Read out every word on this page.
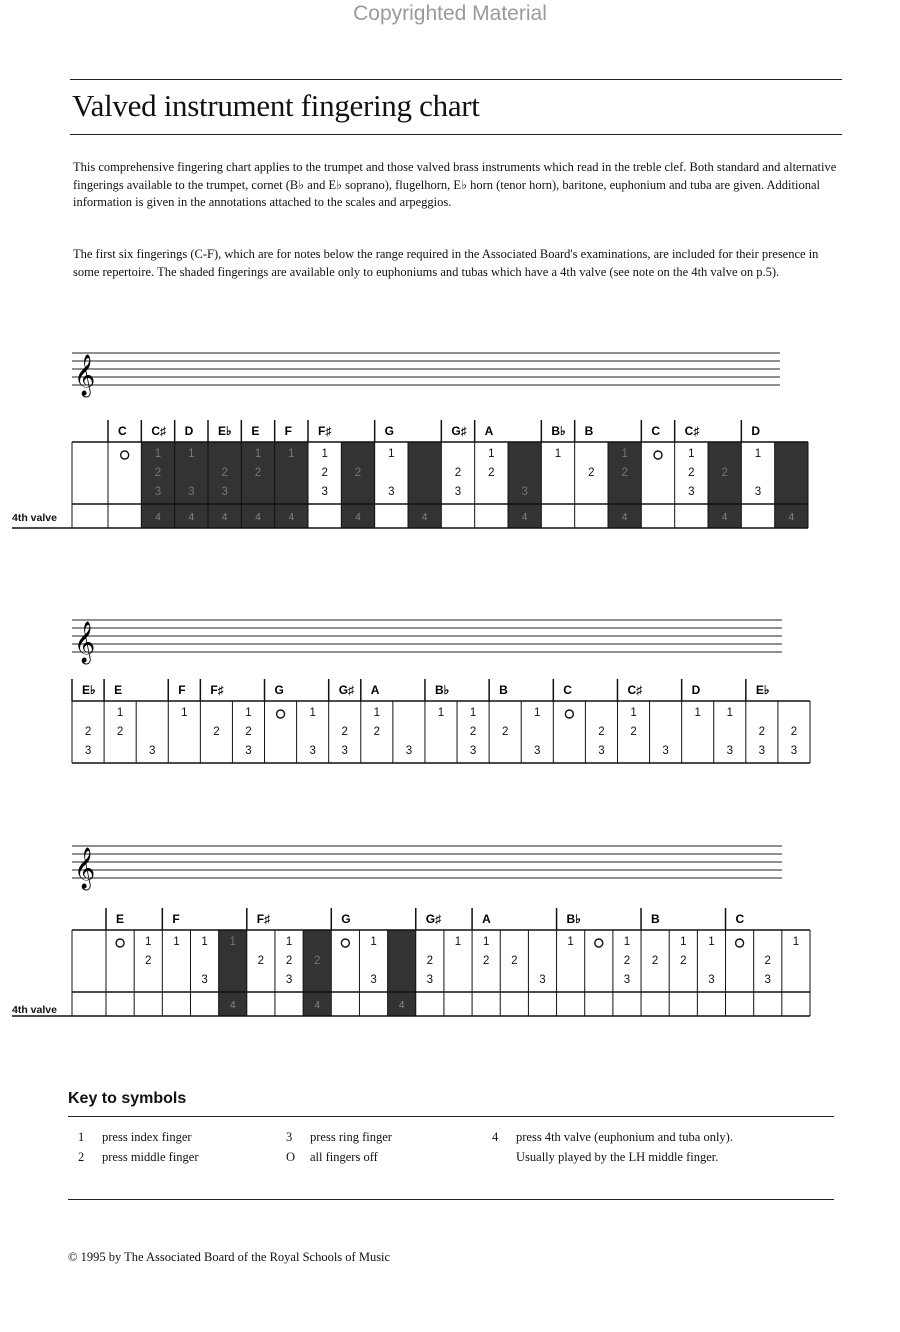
Copyrighted Material
Valved instrument fingering chart
This comprehensive fingering chart applies to the trumpet and those valved brass instruments which read in the treble clef. Both standard and alternative fingerings available to the trumpet, cornet (B♭ and E♭ soprano), flugelhorn, E♭ horn (tenor horn), baritone, euphonium and tuba are given. Additional information is given in the annotations attached to the scales and arpeggios.
The first six fingerings (C-F), which are for notes below the range required in the Associated Board's examinations, are included for their presence in some repertoire. The shaded fingerings are available only to euphoniums and tubas which have a 4th valve (see note on the 4th valve on p.5).
𝄞
C C♯
1
2
3
4
D
1
3
4
E♭
2
3
4
E
1
2
4
F
1
4
F♯
1
2
3
2
4
G
1
3
4
G♯
2
3
A
1
2
3
4
B♭
1
B
2
1
2
4
C C♯
1
2
3
2
4
D
1
3
4
4th valve
𝄞
E♭
2
3
E
1
2
3
F
1
F♯
2
1
2
3
G
1
3
G♯
2
3
A
1
2
3
B♭
1 1
2
3
B
2
1
3
C
2
3
C♯
1
2
3
D
1 1
3
E♭
2
3
2
3
𝄞
E
1
2
F
1 1
3
1
4
F♯
2
1
2
3
2
4
G
1
3
4
G♯
2
3
1
A
1
2 2
3
B♭
1	1
2
3
B
2
1
2
1
3
C
2
3
1
4th valve
Key to symbols
1 press index finger
2 press middle finger
3 press ring finger
O all fingers off
4 press 4th valve (euphonium and tuba only).
Usually played by the LH middle finger.
© 1995 by The Associated Board of the Royal Schools of Music
